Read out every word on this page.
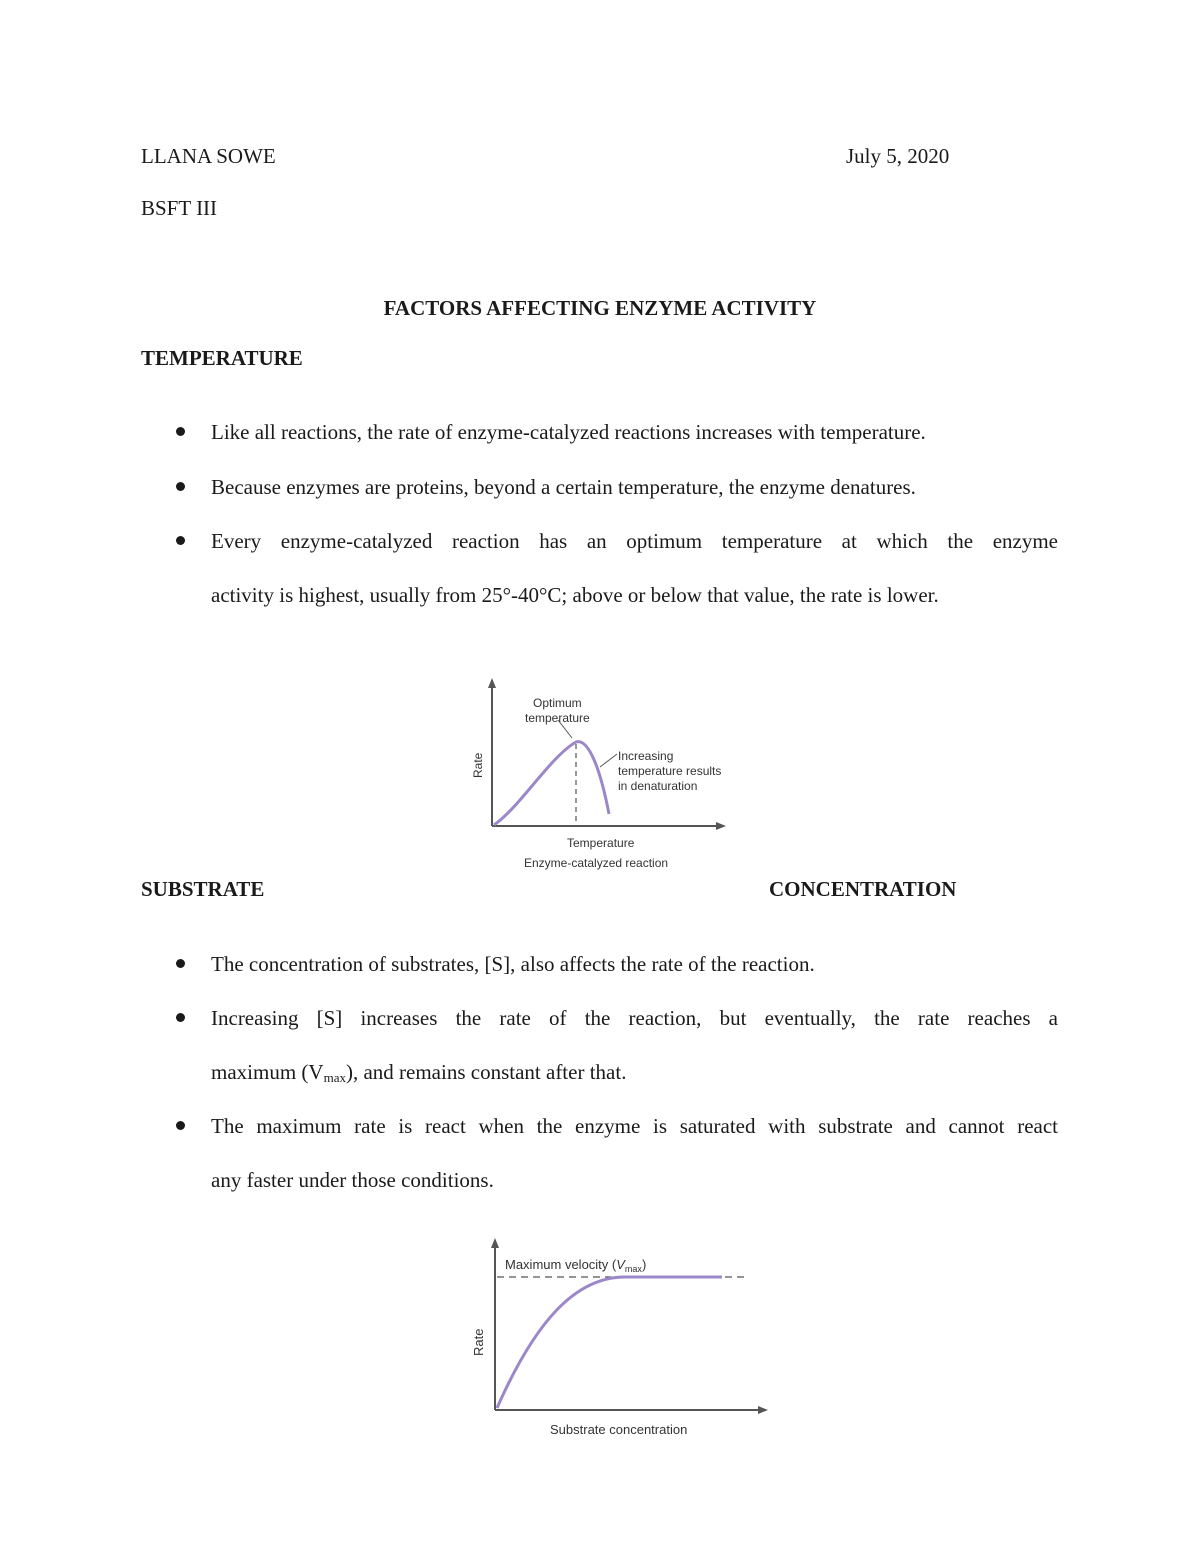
LLANA SOWE	July 5, 2020
BSFT III
FACTORS AFFECTING ENZYME ACTIVITY
TEMPERATURE
Like all reactions, the rate of enzyme-catalyzed reactions increases with temperature.
Because enzymes are proteins, beyond a certain temperature, the enzyme denatures.
Every enzyme-catalyzed reaction has an optimum temperature at which the enzyme
activity is highest, usually from 25°-40°C; above or below that value, the rate is lower.
Optimum
temperature
Increasing
temperature results
in denaturation
Rate
Temperature
Enzyme-catalyzed reaction
SUBSTRATE	CONCENTRATION
The concentration of substrates, [S], also affects the rate of the reaction.
Increasing [S] increases the rate of the reaction, but eventually, the rate reaches a
maximum $(V_{max})$, and remains constant after that.
The maximum rate is react when the enzyme is saturated with substrate and cannot react
any faster under those conditions.
Maximum velocity $(V_{max})$
Rate
Substrate concentration
